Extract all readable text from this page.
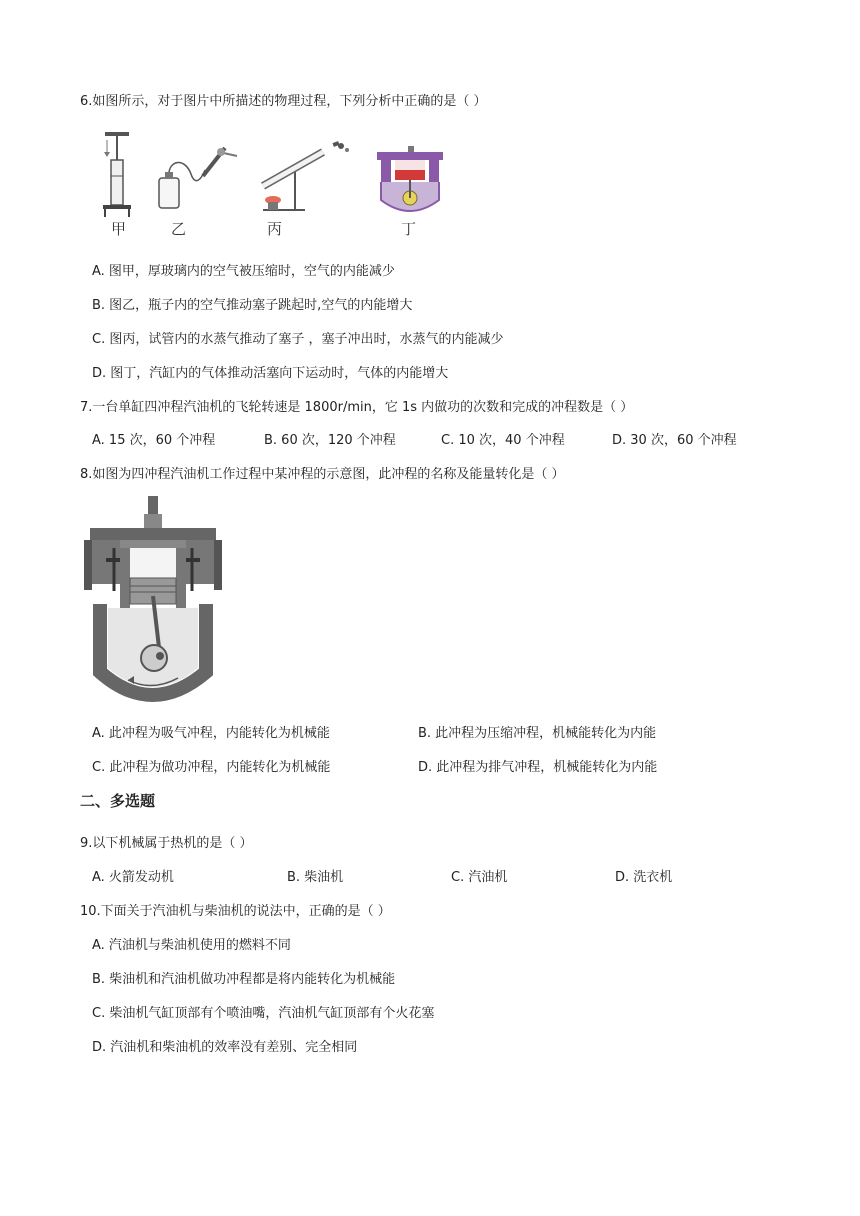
6.如图所示，对于图片中所描述的物理过程，下列分析中正确的是（ ）
甲	乙	丙	丁
A. 图甲，厚玻璃内的空气被压缩时，空气的内能减少
B. 图乙，瓶子内的空气推动塞子跳起时,空气的内能增大
C. 图丙，试管内的水蒸气推动了塞子 ，塞子冲出时，水蒸气的内能减少
D. 图丁，汽缸内的气体推动活塞向下运动时，气体的内能增大
7.一台单缸四冲程汽油机的飞轮转速是 1800r/min，它 1s 内做功的次数和完成的冲程数是（ ）
A. 15 次，60 个冲程	B. 60 次，120 个冲程	C. 10 次，40 个冲程	D. 30 次，60 个冲程
8.如图为四冲程汽油机工作过程中某冲程的示意图，此冲程的名称及能量转化是（ ）
A. 此冲程为吸气冲程，内能转化为机械能	B. 此冲程为压缩冲程，机械能转化为内能
C. 此冲程为做功冲程，内能转化为机械能	D. 此冲程为排气冲程，机械能转化为内能
二、多选题
9.以下机械属于热机的是（ ）
A. 火箭发动机	B. 柴油机	C. 汽油机	D. 洗衣机
10.下面关于汽油机与柴油机的说法中，正确的是（ ）
A. 汽油机与柴油机使用的燃料不同
B. 柴油机和汽油机做功冲程都是将内能转化为机械能
C. 柴油机气缸顶部有个喷油嘴，汽油机气缸顶部有个火花塞
D. 汽油机和柴油机的效率没有差别、完全相同
